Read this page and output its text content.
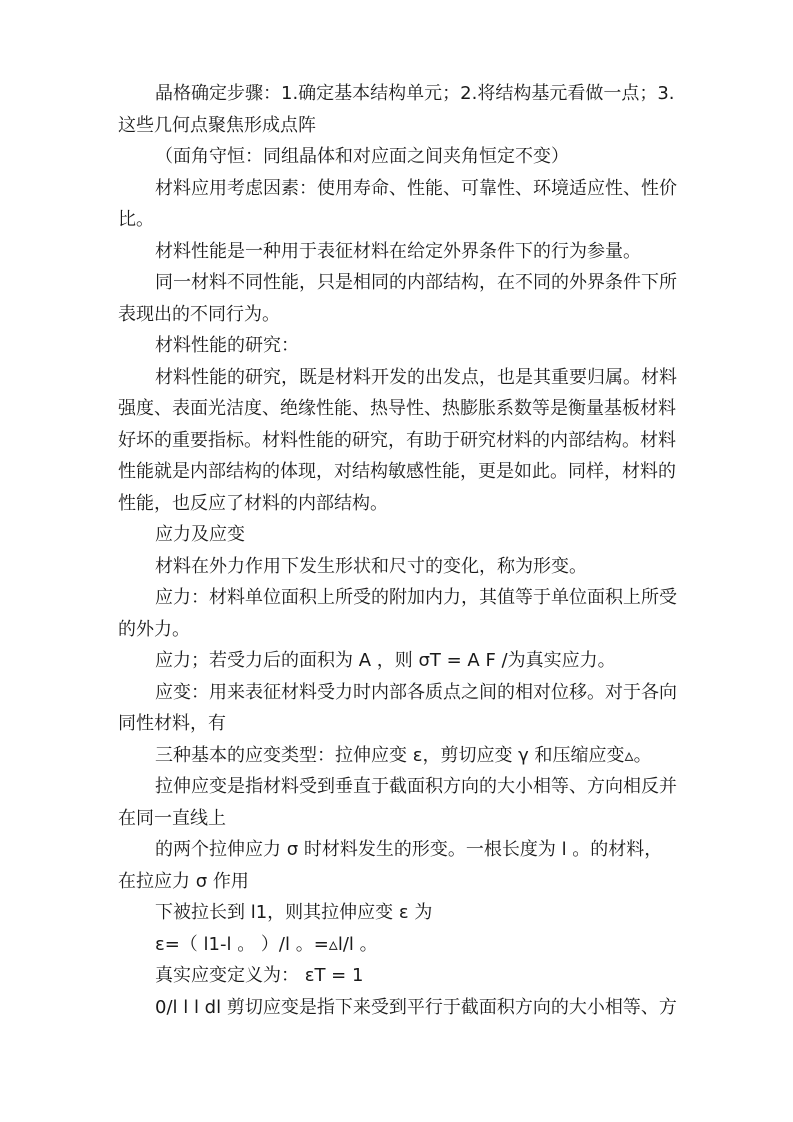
晶格确定步骤：1.确定基本结构单元；2.将结构基元看做一点；3.这些几何点聚焦形成点阵

（面角守恒：同组晶体和对应面之间夹角恒定不变）

材料应用考虑因素：使用寿命、性能、可靠性、环境适应性、性价比。

材料性能是一种用于表征材料在给定外界条件下的行为参量。

同一材料不同性能，只是相同的内部结构，在不同的外界条件下所表现出的不同行为。

材料性能的研究：

材料性能的研究，既是材料开发的出发点，也是其重要归属。材料强度、表面光洁度、绝缘性能、热导性、热膨胀系数等是衡量基板材料好坏的重要指标。材料性能的研究，有助于研究材料的内部结构。材料性能就是内部结构的体现，对结构敏感性能，更是如此。同样，材料的性能，也反应了材料的内部结构。

应力及应变

材料在外力作用下发生形状和尺寸的变化，称为形变。

应力：材料单位面积上所受的附加内力，其值等于单位面积上所受的外力。

应力；若受力后的面积为 A ，则 σT = A F /为真实应力。

应变：用来表征材料受力时内部各质点之间的相对位移。对于各向同性材料，有

三种基本的应变类型：拉伸应变 ε，剪切应变 γ 和压缩应变▵。

拉伸应变是指材料受到垂直于截面积方向的大小相等、方向相反并在同一直线上

的两个拉伸应力 σ 时材料发生的形变。一根长度为 l 。的材料，在拉应力 σ 作用

下被拉长到 l1，则其拉伸应变 ε 为

ε=（ l1-l 。 ）/l 。=▵l/l 。

真实应变定义为： εT = 1

0/l l l dl 剪切应变是指下来受到平行于截面积方向的大小相等、方
